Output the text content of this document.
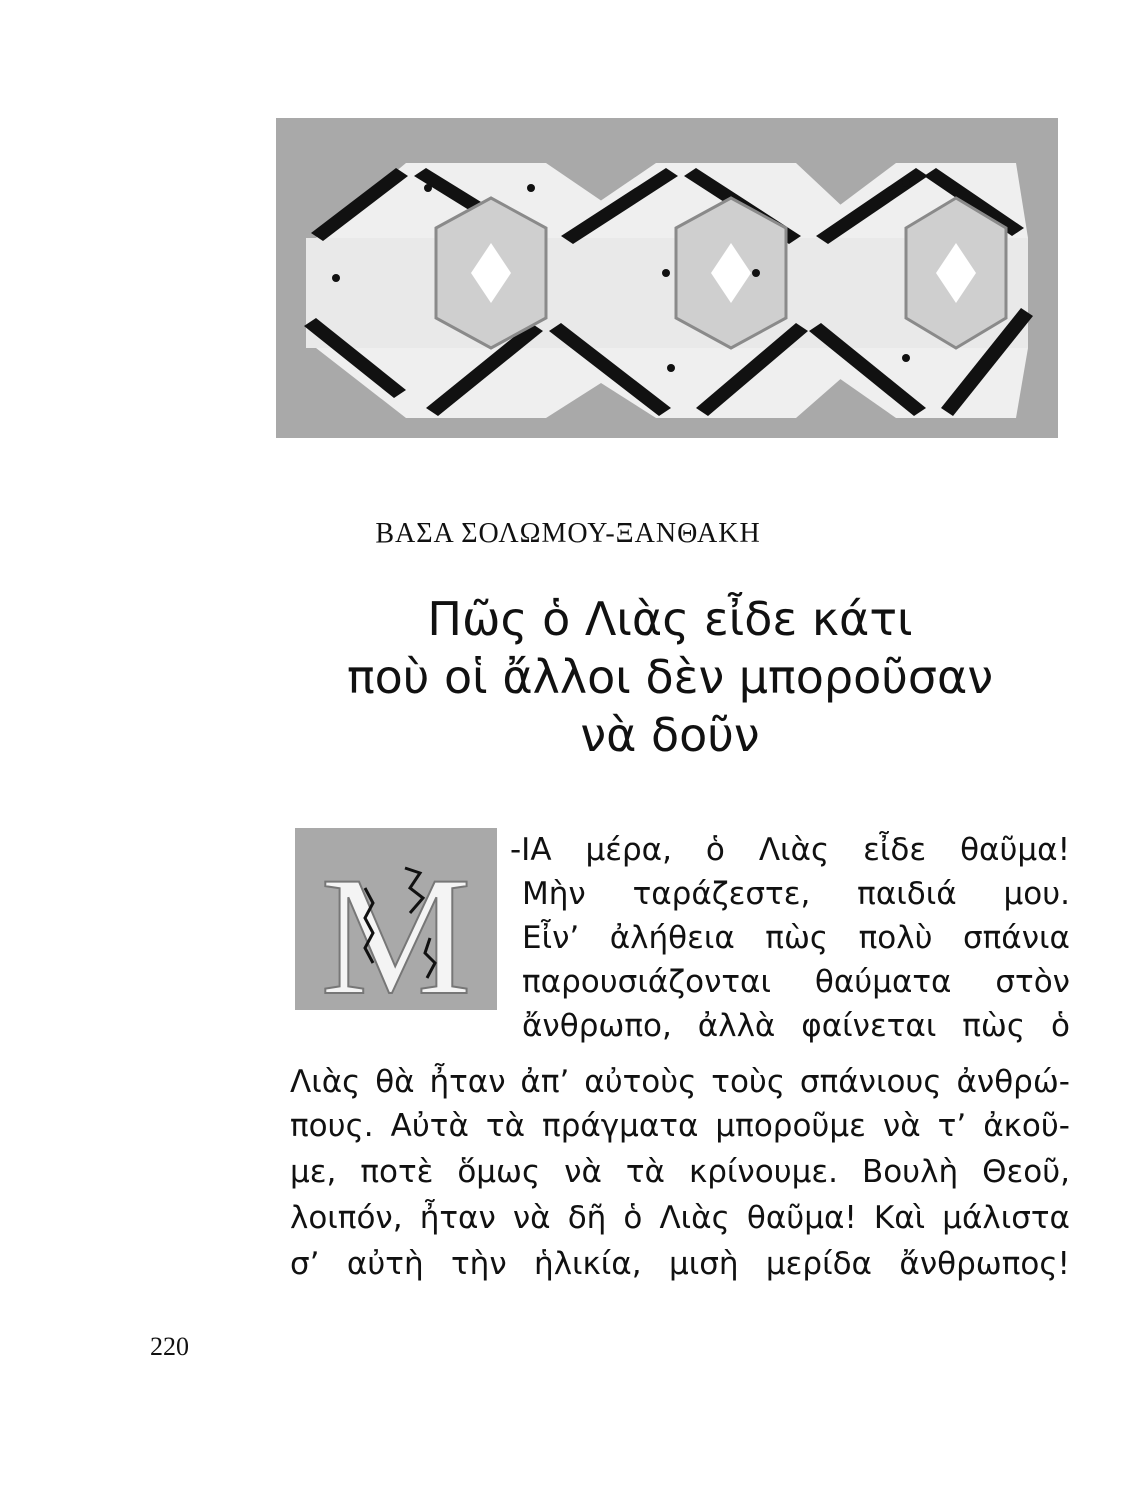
ΒΑΣΑ ΣΟΛΩΜΟΥ-ΞΑΝΘΑΚΗ
Πῶς ὁ Λιὰς εἶδε κάτι
ποὺ οἱ ἄλλοι δὲν μποροῦσαν
νὰ δοῦν
M -ΙΑ μέρα, ὁ Λιὰς εἶδε θαῦμα!
Μὴν ταράζεστε, παιδιά μου.
Εἶν’ ἀλήθεια πὼς πολὺ σπάνια
παρουσιάζονται θαύματα στὸν
ἄνθρωπο, ἀλλὰ φαίνεται πὼς ὁ
Λιὰς θὰ ἦταν ἀπ’ αὐτοὺς τοὺς σπάνιους ἀνθρώ-
πους. Αὐτὰ τὰ πράγματα μποροῦμε νὰ τ’ ἀκοῦ-
με, ποτὲ ὅμως νὰ τὰ κρίνουμε. Βουλὴ Θεοῦ,
λοιπόν, ἦταν νὰ δῆ ὁ Λιὰς θαῦμα! Καὶ μάλιστα
σ’ αὐτὴ τὴν ἡλικία, μισὴ μερίδα ἄνθρωπος!
220
